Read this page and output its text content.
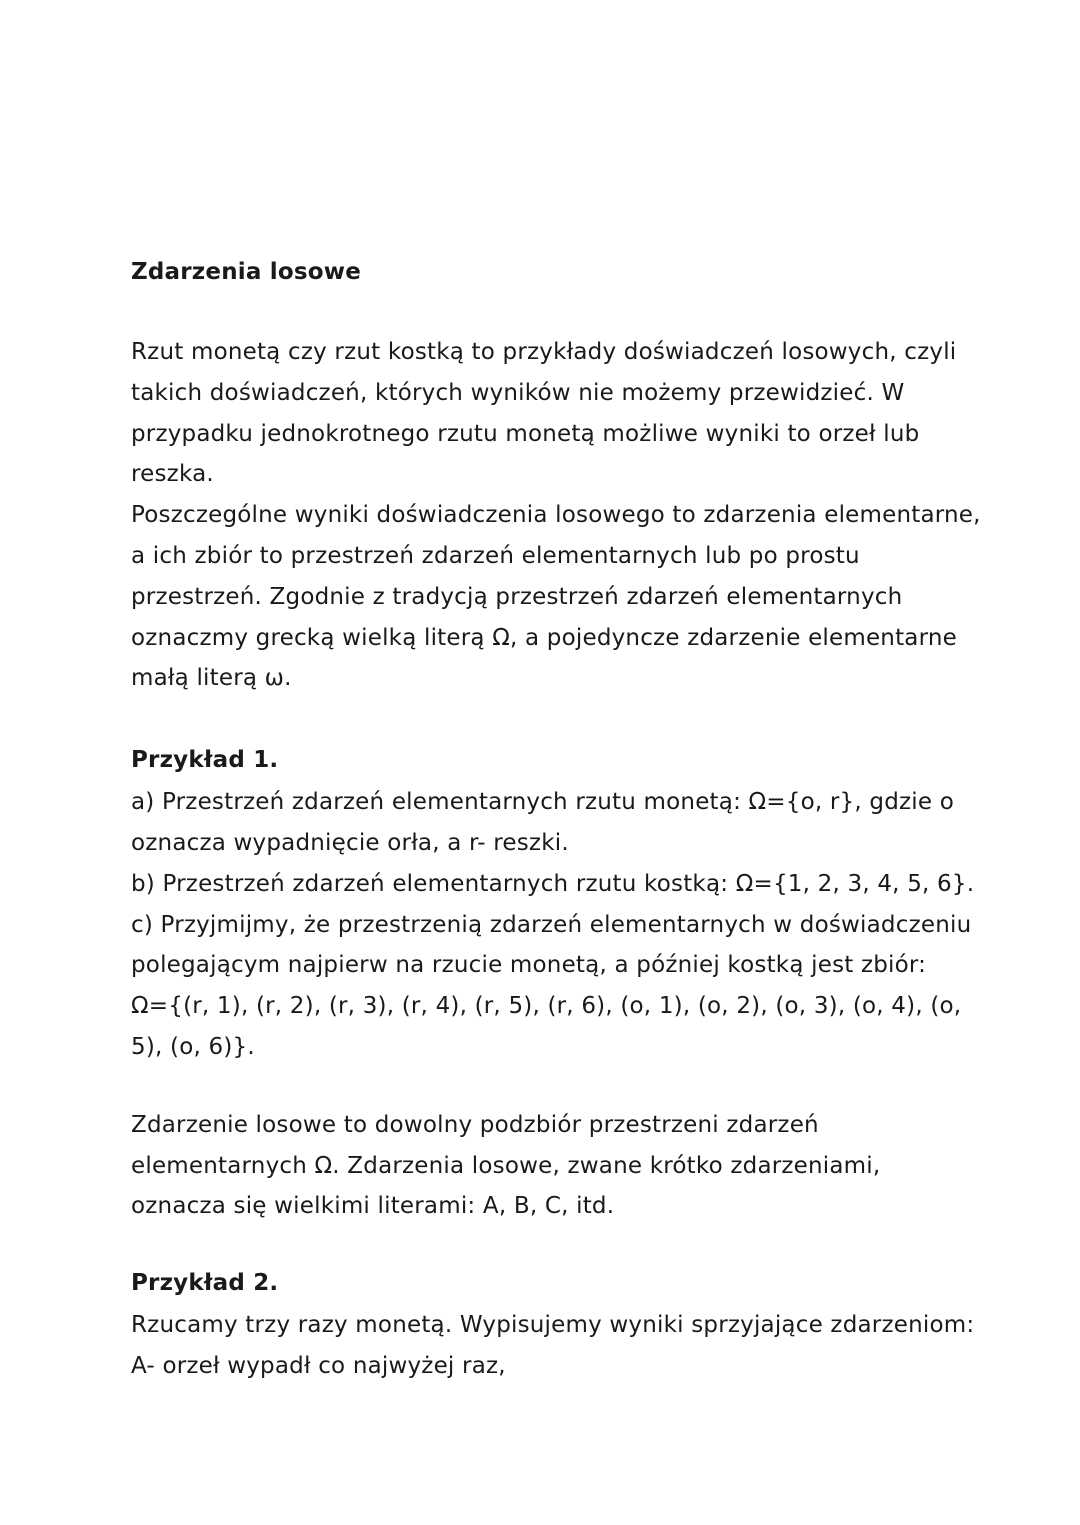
Zdarzenia losowe
Rzut monetą czy rzut kostką to przykłady doświadczeń losowych, czyli
takich doświadczeń, których wyników nie możemy przewidzieć. W
przypadku jednokrotnego rzutu monetą możliwe wyniki to orzeł lub
reszka.
Poszczególne wyniki doświadczenia losowego to zdarzenia elementarne,
a ich zbiór to przestrzeń zdarzeń elementarnych lub po prostu
przestrzeń. Zgodnie z tradycją przestrzeń zdarzeń elementarnych
oznaczmy grecką wielką literą Ω, a pojedyncze zdarzenie elementarne
małą literą ω.
Przykład 1.
a) Przestrzeń zdarzeń elementarnych rzutu monetą: Ω={o, r}, gdzie o
oznacza wypadnięcie orła, a r- reszki.
b) Przestrzeń zdarzeń elementarnych rzutu kostką: Ω={1, 2, 3, 4, 5, 6}.
c) Przyjmijmy, że przestrzenią zdarzeń elementarnych w doświadczeniu
polegającym najpierw na rzucie monetą, a później kostką jest zbiór:
Ω={(r, 1), (r, 2), (r, 3), (r, 4), (r, 5), (r, 6), (o, 1), (o, 2), (o, 3), (o, 4), (o,
5), (o, 6)}.
Zdarzenie losowe to dowolny podzbiór przestrzeni zdarzeń
elementarnych Ω. Zdarzenia losowe, zwane krótko zdarzeniami,
oznacza się wielkimi literami: A, B, C, itd.
Przykład 2.
Rzucamy trzy razy monetą. Wypisujemy wyniki sprzyjające zdarzeniom:
A- orzeł wypadł co najwyżej raz,
